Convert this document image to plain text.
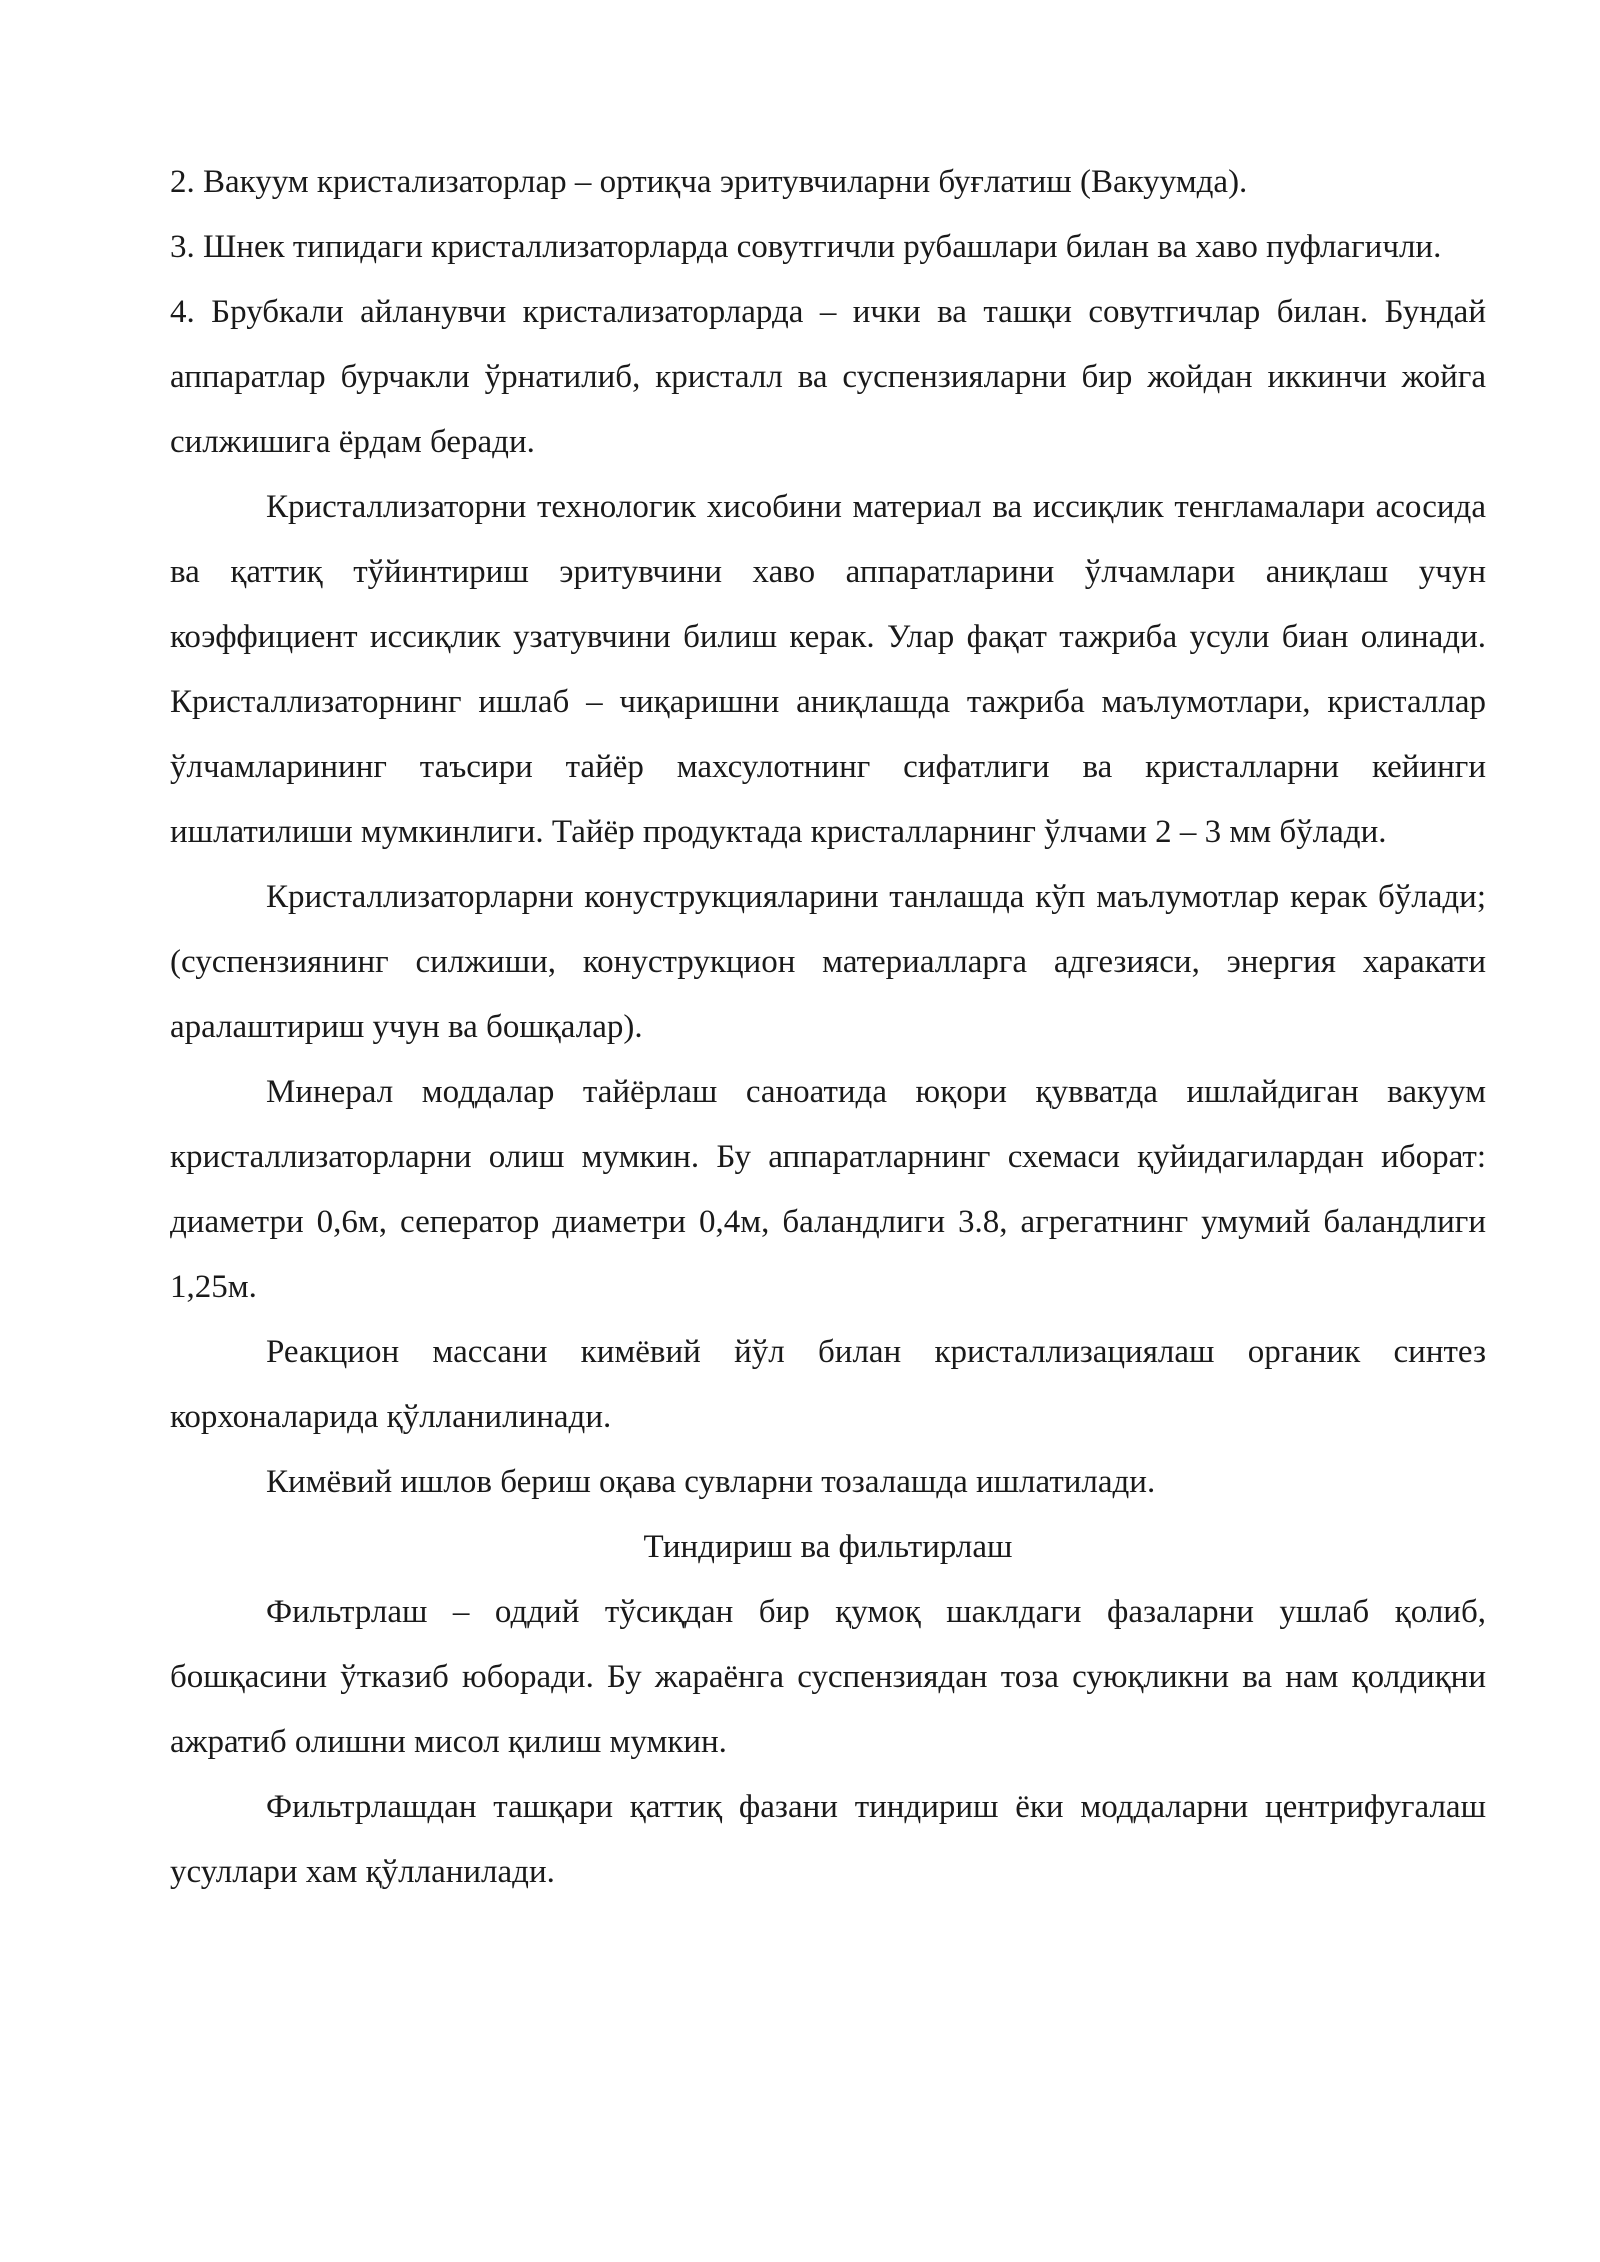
2. Вакуум кристализаторлар – ортиқча эритувчиларни буғлатиш (Вакуумда).

3. Шнек типидаги кристаллизаторларда совутгичли рубашлари билан ва хаво пуфлагичли.

4. Брубкали айланувчи кристализаторларда – ички ва ташқи совутгичлар билан. Бундай аппаратлар бурчакли ўрнатилиб, кристалл ва суспензияларни бир жойдан иккинчи жойга силжишига ёрдам беради.

Кристаллизаторни технологик хисобини материал ва иссиқлик тенгламалари асосида ва қаттиқ тўйинтириш эритувчини хаво аппаратларини ўлчамлари аниқлаш учун коэффициент иссиқлик узатувчини билиш керак. Улар фақат тажриба усули биан олинади. Кристаллизаторнинг ишлаб – чиқаришни аниқлашда тажриба маълумотлари, кристаллар ўлчамларининг таъсири тайёр махсулотнинг сифатлиги ва кристалларни кейинги ишлатилиши мумкинлиги. Тайёр продуктада кристалларнинг ўлчами 2 – 3 мм бўлади.

Кристаллизаторларни конуструкцияларини танлашда кўп маълумотлар керак бўлади; (суспензиянинг силжиши, конуструкцион материалларга адгезияси, энергия харакати аралаштириш учун ва бошқалар).

Минерал моддалар тайёрлаш саноатида юқори қувватда ишлайдиган вакуум кристаллизаторларни олиш мумкин. Бу аппаратларнинг схемаси қуйидагилардан иборат: диаметри 0,6м, сеператор диаметри 0,4м, баландлиги 3.8, агрегатнинг умумий баландлиги 1,25м.

Реакцион массани кимёвий йўл билан кристаллизациялаш органик синтез корхоналарида қўлланилинади.

Кимёвий ишлов бериш оқава сувларни тозалашда ишлатилади.

Тиндириш ва фильтирлаш

Фильтрлаш – оддий тўсиқдан бир қумоқ шаклдаги фазаларни ушлаб қолиб, бошқасини ўтказиб юборади. Бу жараёнга суспензиядан тоза суюқликни ва нам қолдиқни ажратиб олишни мисол қилиш мумкин.

Фильтрлашдан ташқари қаттиқ фазани тиндириш ёки моддаларни центрифугалаш усуллари хам қўлланилади.
